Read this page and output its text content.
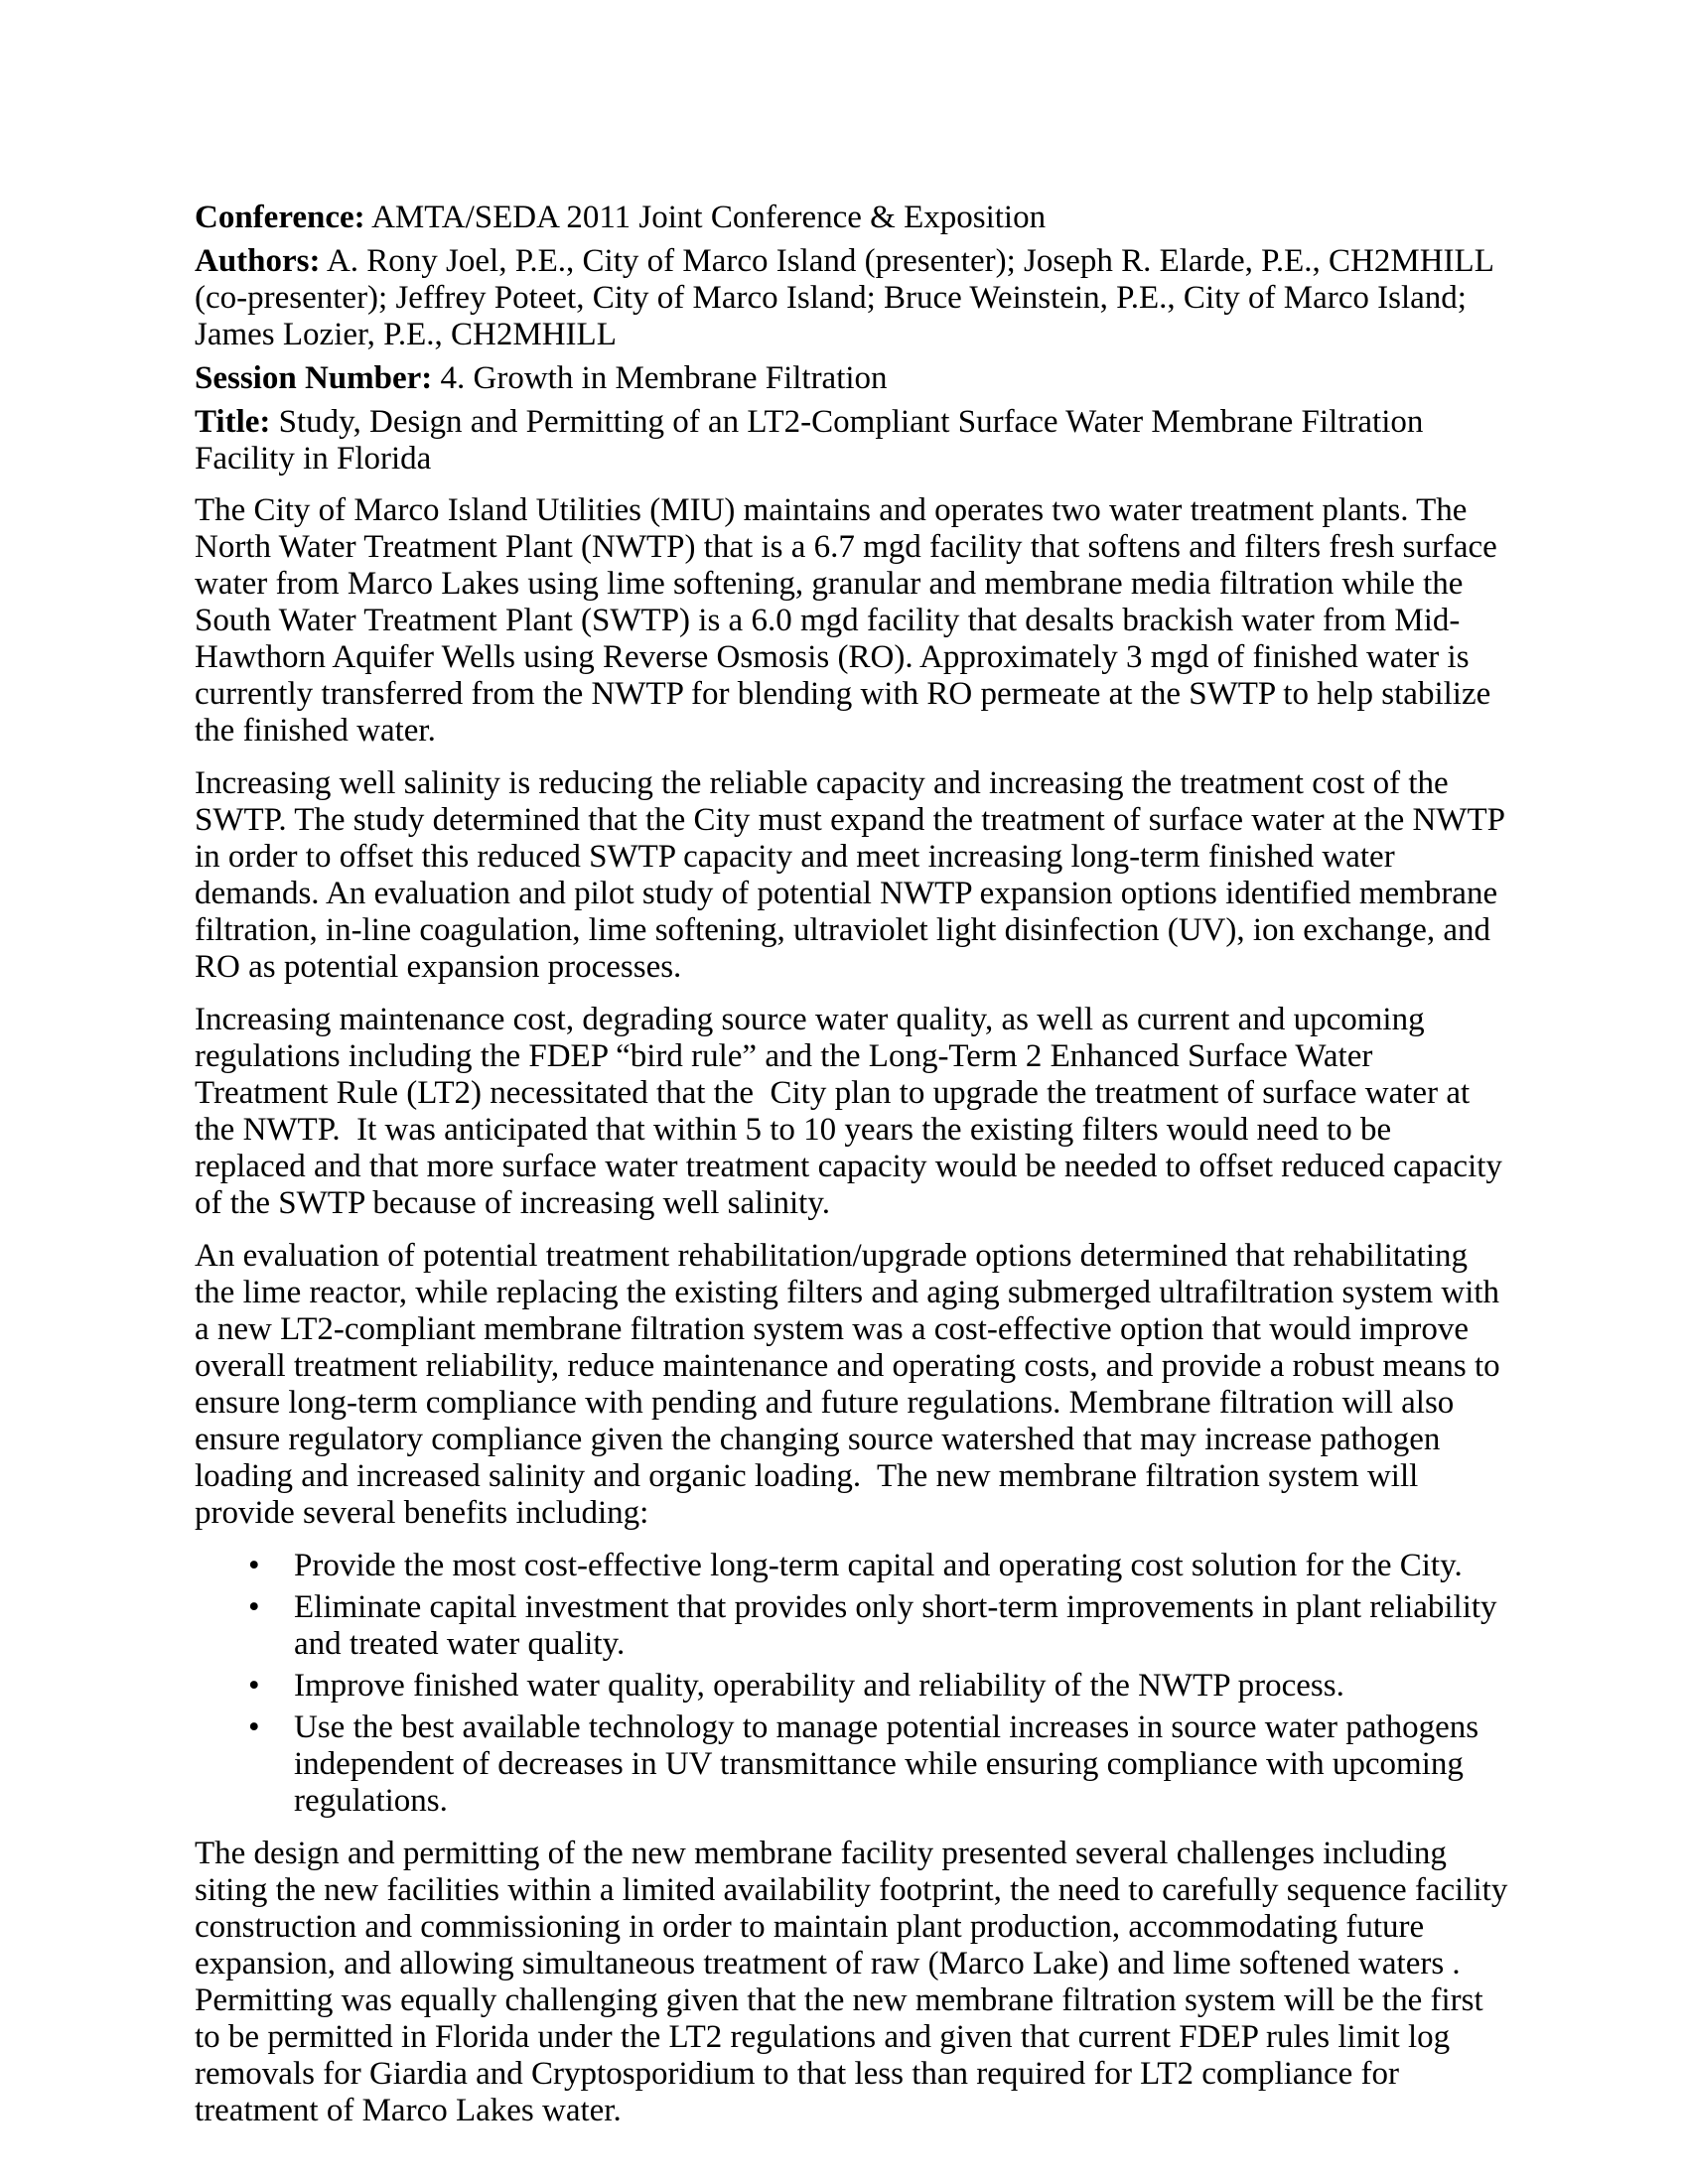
Conference: AMTA/SEDA 2011 Joint Conference & Exposition

Authors: A. Rony Joel, P.E., City of Marco Island (presenter); Joseph R. Elarde, P.E., CH2MHILL (co-presenter); Jeffrey Poteet, City of Marco Island; Bruce Weinstein, P.E., City of Marco Island; James Lozier, P.E., CH2MHILL

Session Number: 4. Growth in Membrane Filtration

Title: Study, Design and Permitting of an LT2-Compliant Surface Water Membrane Filtration Facility in Florida

The City of Marco Island Utilities (MIU) maintains and operates two water treatment plants. The North Water Treatment Plant (NWTP) that is a 6.7 mgd facility that softens and filters fresh surface water from Marco Lakes using lime softening, granular and membrane media filtration while the South Water Treatment Plant (SWTP) is a 6.0 mgd facility that desalts brackish water from Mid-Hawthorn Aquifer Wells using Reverse Osmosis (RO). Approximately 3 mgd of finished water is currently transferred from the NWTP for blending with RO permeate at the SWTP to help stabilize the finished water.

Increasing well salinity is reducing the reliable capacity and increasing the treatment cost of the SWTP. The study determined that the City must expand the treatment of surface water at the NWTP in order to offset this reduced SWTP capacity and meet increasing long-term finished water demands. An evaluation and pilot study of potential NWTP expansion options identified membrane filtration, in-line coagulation, lime softening, ultraviolet light disinfection (UV), ion exchange, and RO as potential expansion processes.

Increasing maintenance cost, degrading source water quality, as well as current and upcoming regulations including the FDEP “bird rule” and the Long-Term 2 Enhanced Surface Water Treatment Rule (LT2) necessitated that the  City plan to upgrade the treatment of surface water at the NWTP.  It was anticipated that within 5 to 10 years the existing filters would need to be replaced and that more surface water treatment capacity would be needed to offset reduced capacity of the SWTP because of increasing well salinity.

An evaluation of potential treatment rehabilitation/upgrade options determined that rehabilitating the lime reactor, while replacing the existing filters and aging submerged ultrafiltration system with a new LT2-compliant membrane filtration system was a cost-effective option that would improve overall treatment reliability, reduce maintenance and operating costs, and provide a robust means to ensure long-term compliance with pending and future regulations. Membrane filtration will also ensure regulatory compliance given the changing source watershed that may increase pathogen loading and increased salinity and organic loading.  The new membrane filtration system will provide several benefits including:

• Provide the most cost-effective long-term capital and operating cost solution for the City.
• Eliminate capital investment that provides only short-term improvements in plant reliability and treated water quality.
• Improve finished water quality, operability and reliability of the NWTP process.
• Use the best available technology to manage potential increases in source water pathogens independent of decreases in UV transmittance while ensuring compliance with upcoming regulations.

The design and permitting of the new membrane facility presented several challenges including siting the new facilities within a limited availability footprint, the need to carefully sequence facility construction and commissioning in order to maintain plant production, accommodating future expansion, and allowing simultaneous treatment of raw (Marco Lake) and lime softened waters .  Permitting was equally challenging given that the new membrane filtration system will be the first to be permitted in Florida under the LT2 regulations and given that current FDEP rules limit log removals for Giardia and Cryptosporidium to that less than required for LT2 compliance for treatment of Marco Lakes water.
